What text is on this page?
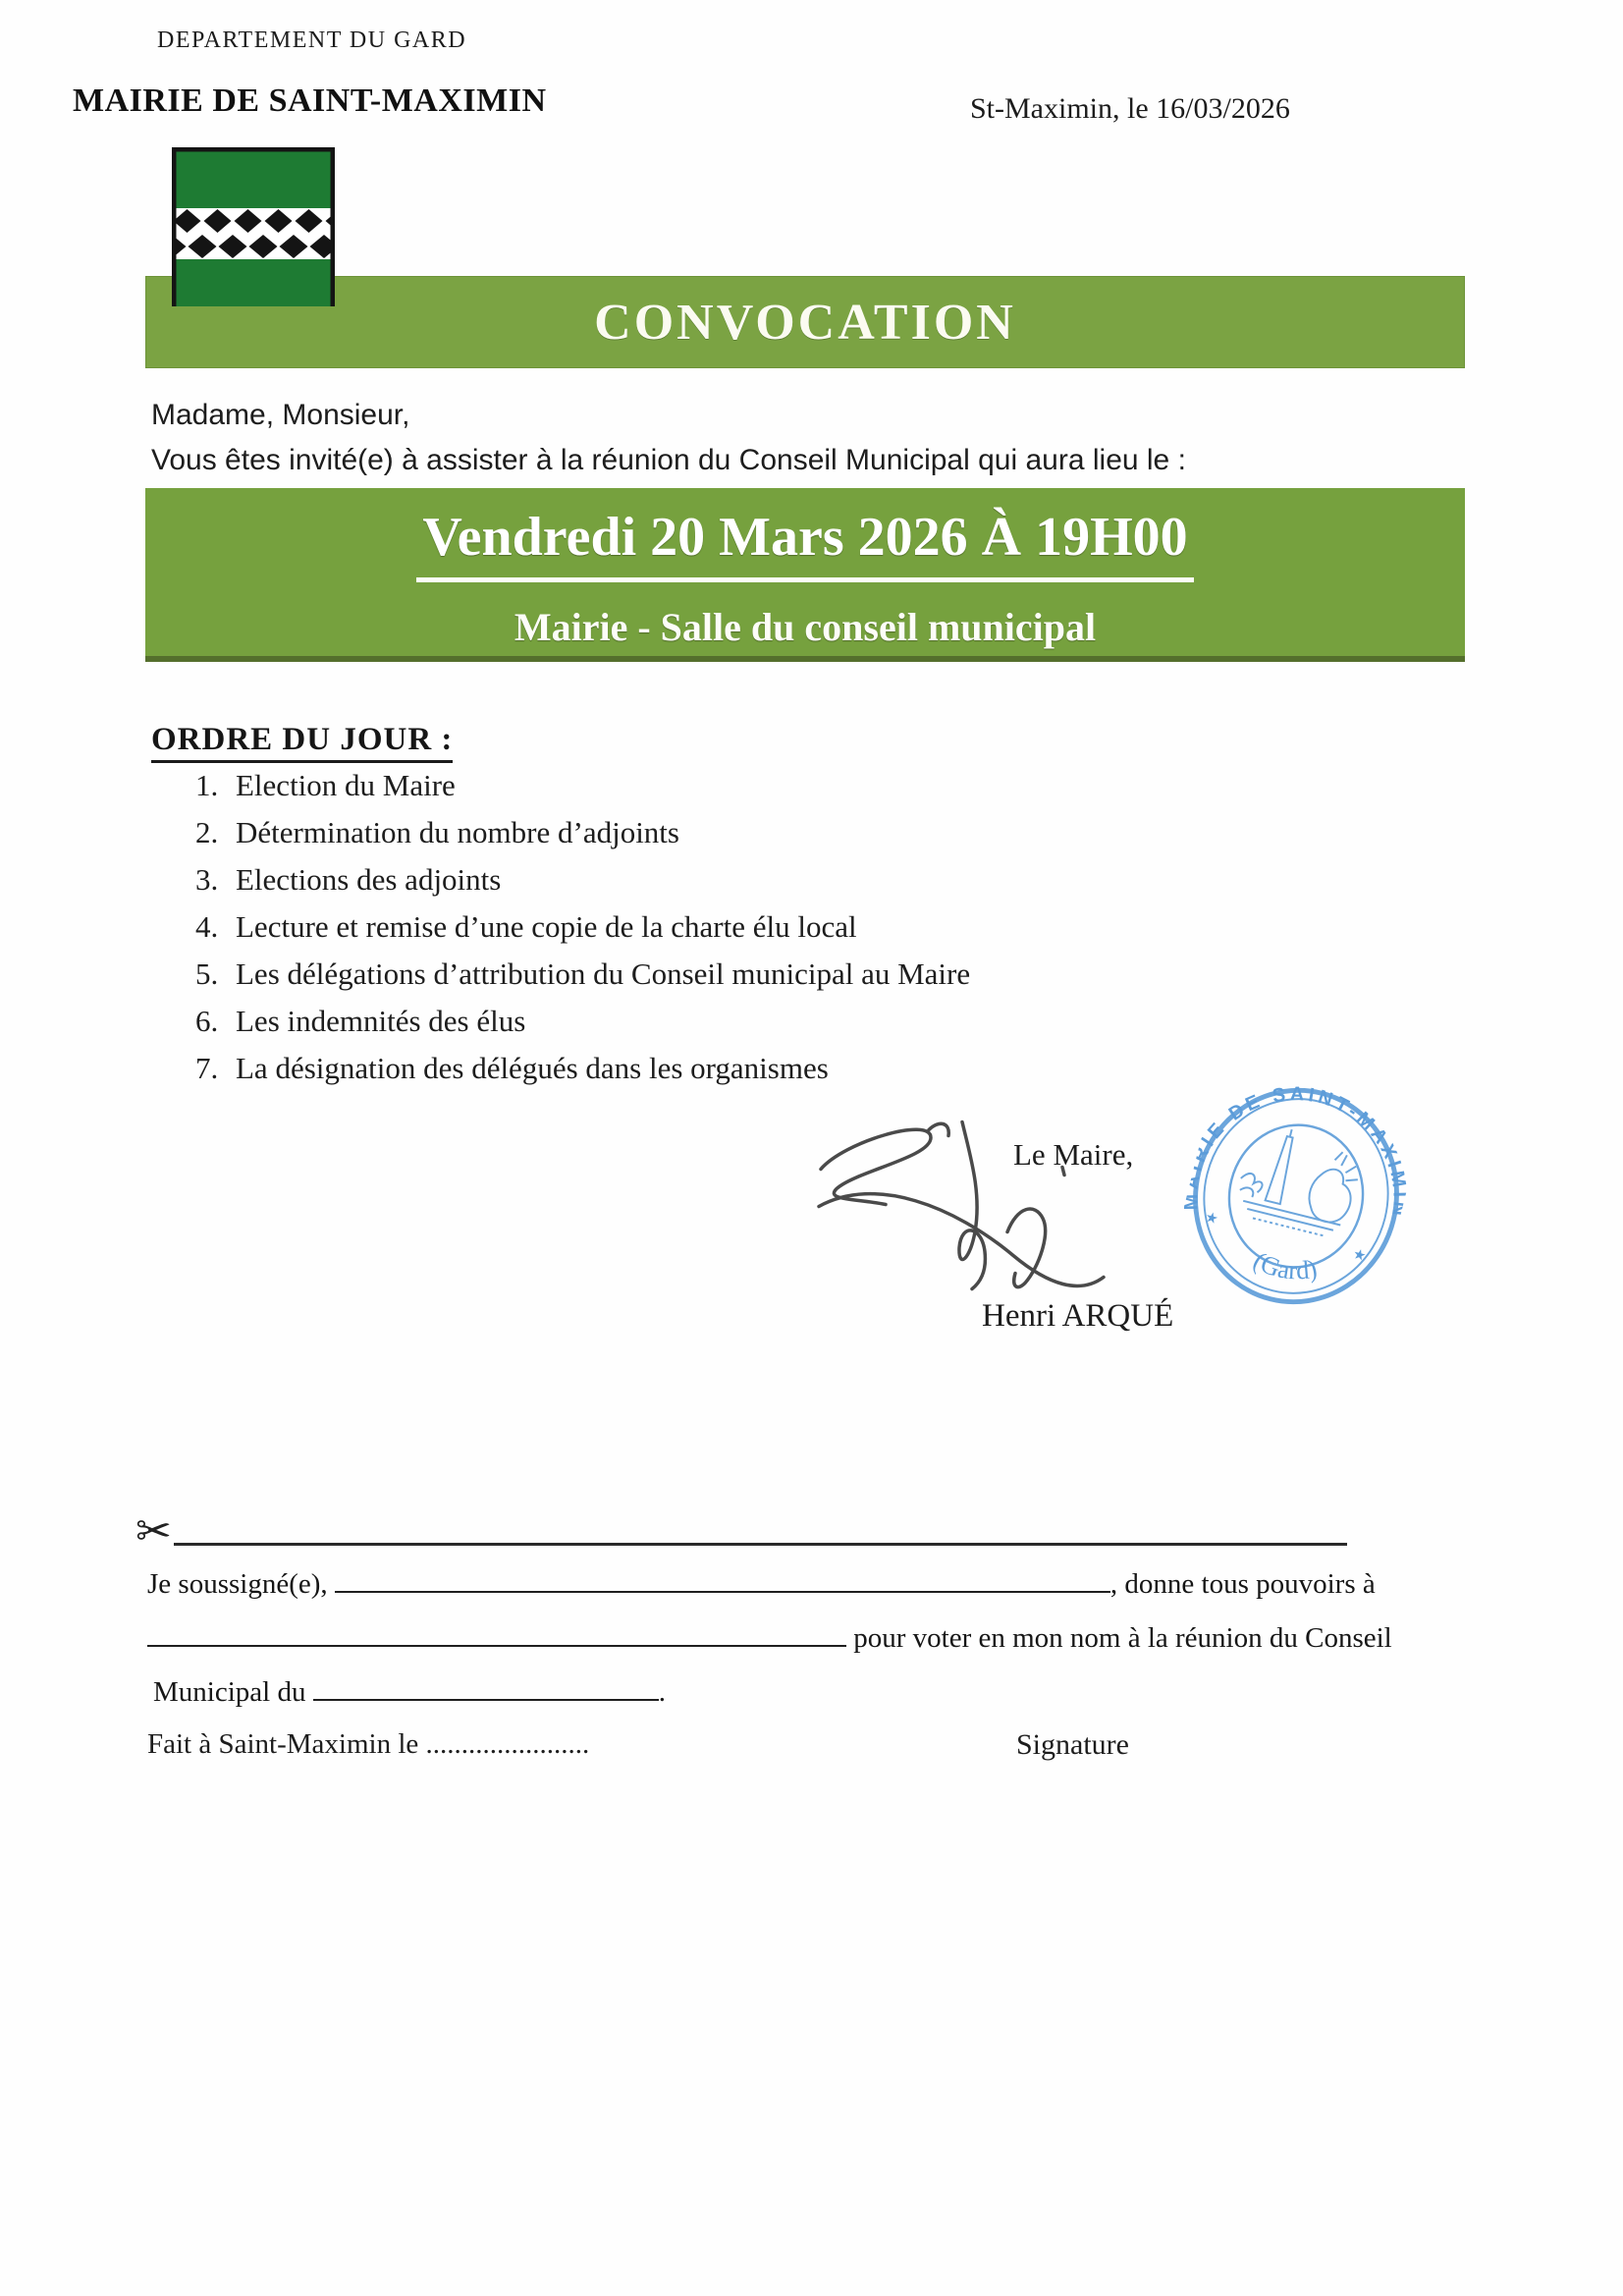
DEPARTEMENT DU GARD
MAIRIE DE SAINT-MAXIMIN	St-Maximin, le 16/03/2026
CONVOCATION
Madame, Monsieur,
Vous êtes invité(e) à assister à la réunion du Conseil Municipal qui aura lieu le :
Vendredi 20 Mars 2026 À 19H00
Mairie - Salle du conseil municipal
ORDRE DU JOUR :
1. Election du Maire
2. Détermination du nombre d’adjoints
3. Elections des adjoints
4. Lecture et remise d’une copie de la charte élu local
5. Les délégations d’attribution du Conseil municipal au Maire
6. Les indemnités des élus
7. La désignation des délégués dans les organismes
Le Maire,
MAIRIE DE SAINT-MAXIMIN
(Gard)
★
★
Henri ARQUÉ
✂
Je soussigné(e),	, donne tous pouvoirs à
pour voter en mon nom à la réunion du Conseil
Municipal du	.
Fait à Saint-Maximin le .......................	Signature
